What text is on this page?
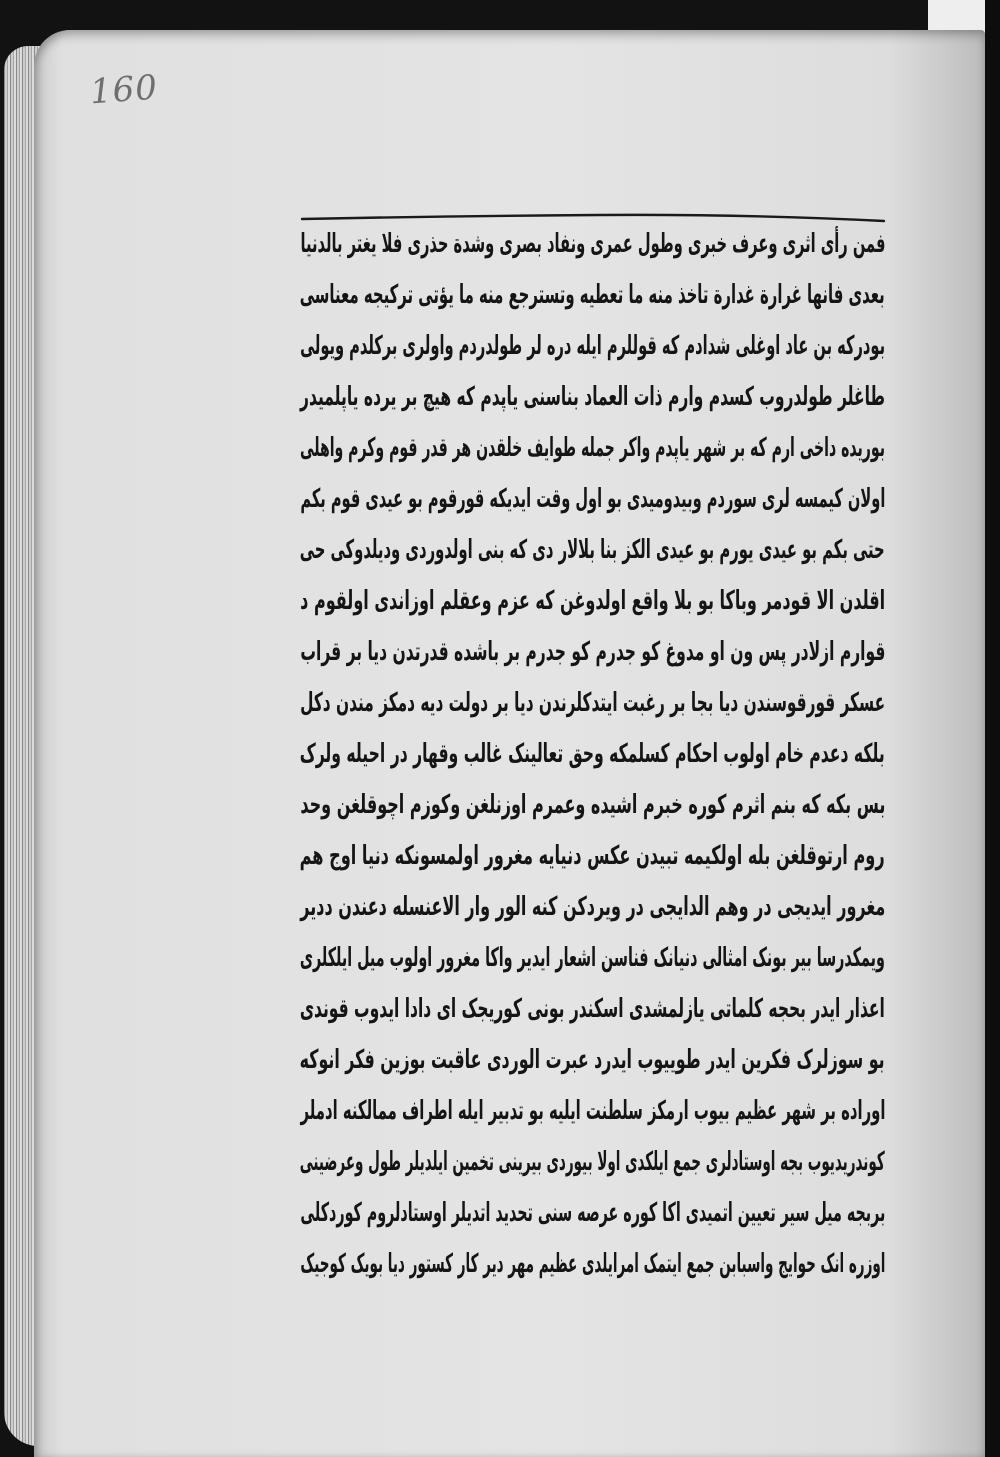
160
فمن رأی اثری وعرف خبری وطول عمری ونفاد بصری وشدة حذری فلا یغتر بالدنیا
بعدی فانها غرارة غدارة تاخذ منه ما تعطیه وتسترجع منه ما یؤتی ترکیجه معناسی
بودرکه بن عاد اوغلی شدادم که قوللرم ایله دره لر طولدردم واولری برکلدم ویولی
طاغلر طولدروب کسدم وارم ذات العماد بناسنی یاپدم که هیچ بر یرده یاپلمیدر
بوریده داخی ارم که بر شهر یاپدم واکر جمله طوایف خلقدن هر قدر قوم وکرم واهلی
اولان کیمسه لری سوردم وبیدومیدی بو اول وقت ایدیکه قورقوم بو عیدی قوم بکم
حتی بکم بو عیدی یورم بو عیدی الکز بنا بلالار دی که بنی اولدوردی ودیلدوکی حی
اقلدن الا قودمر وباکا بو بلا واقع اولدوغن که عزم وعقلم اوزاندی اولقوم د
قوارم ازلادر پس ون او مدوغ کو جدرم کو جدرم بر باشده قدرتدن دیا بر قراب
عسکر قورقوسندن دیا بجا بر رغبت ایتدکلرندن دیا بر دولت دیه دمکز مندن دکل
بلکه دعدم خام اولوب احکام کسلمکه وحق تعالینک غالب وقهار در احیله ولرک
بس بکه که بنم اثرم کوره خبرم اشیده وعمرم اوزنلغن وکوزم اچوقلغن وحد
روم ارتوقلغن بله اولکیمه تبیدن عکس دنیایه مغرور اولمسونکه دنیا اوج هم
مغرور ایدیجی در وهم الدایجی در ویردکن کنه الور وار الاعنسله دعندن ددیر
ویمکدرسا بیر بونک امثالی دنیانک فناسن اشعار ایدیر واکا مغرور اولوب میل ایلکلری
اعذار ایدر بحجه کلماتی یازلمشدی اسکندر بونی کوریجک ای دادا ایدوب قوندی
بو سوزلرک فکرین ایدر طوییوب ایدرد عبرت الوردی عاقبت بوزین فکر انوکه
اوراده بر شهر عظیم بیوب ارمکز سلطنت ایلیه بو تدبیر ایله اطراف ممالکنه ادملر
کوندریدیوب بجه اوستادلری جمع ایلکدی اولا بیوردی بیرینی تخمین ایلدیلر طول وعرضینی
بربجه میل سیر تعیین اتمیدی اکا کوره عرصه سنی تحدید اتدیلر اوستادلروم کوردکلی
اوزره انک حوایج واسبابن جمع ایتمک امرایلدی عظیم مهر دیر کار کستور دیا بویک کوجیک
